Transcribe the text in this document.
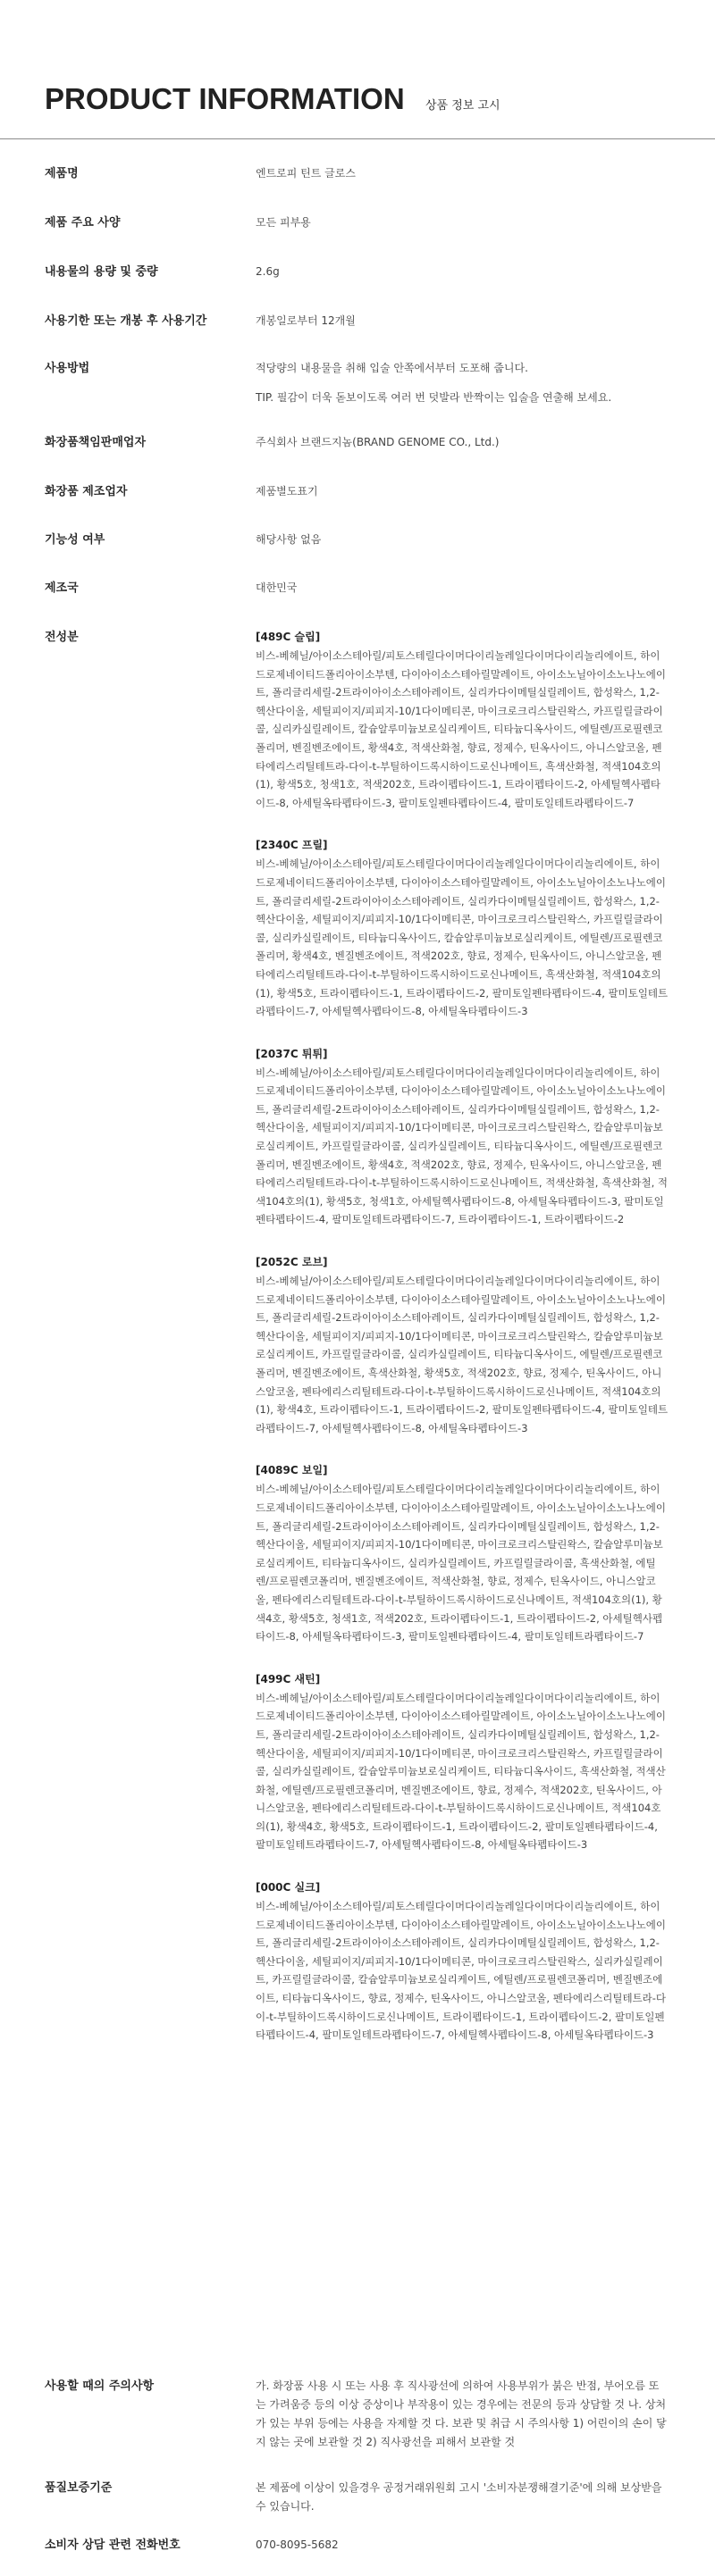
PRODUCT INFORMATION 상품 정보 고시
제품명	엔트로피 틴트 글로스
제품 주요 사양	모든 피부용
내용물의 용량 및 중량	2.6g
사용기한 또는 개봉 후 사용기간	개봉일로부터 12개월
사용방법	적당량의 내용물을 취해 입술 안쪽에서부터 도포해 줍니다.

TIP. 필감이 더욱 돋보이도록 여러 번 덧발라 반짝이는 입술을 연출해 보세요.

화장품책임판매업자	주식회사 브랜드지놈(BRAND GENOME CO., Ltd.)
화장품 제조업자	제품별도표기
기능성 여부	해당사항 없음
제조국	대한민국
전성분	[489C 슬립]
비스-베헤닐/아이소스테아릴/피토스테릴다이머다이리놀레일다이머다이리놀리에이트, 하이드로제네이티드폴리아이소부텐, 다이아이소스테아릴말레이트, 아이소노닐아이소노나노에이트, 폴리글리세릴-2트라이아이소스테아레이트, 실리카다이메틸실릴레이트, 합성왁스, 1,2-헥산다이올, 세틸피이지/피피지-10/1다이메티콘, 마이크로크리스탈린왁스, 카프릴릴글라이콜, 실리카실릴레이트, 칼슘알루미늄보로실리케이트, 티타늄디옥사이드, 에틸렌/프로필렌코폴리머, 벤질벤조에이트, 황색4호, 적색산화철, 향료, 정제수, 틴옥사이드, 아니스알코올, 펜타에리스리틸테트라-다이-t-부틸하이드록시하이드로신나메이트, 흑색산화철, 적색104호의(1), 황색5호, 청색1호, 적색202호, 트라이펩타이드-1, 트라이펩타이드-2, 아세틸헥사펩타이드-8, 아세틸옥타펩타이드-3, 팔미토일펜타펩타이드-4, 팔미토일테트라펩타이드-7
[2340C 프릴]
비스-베헤닐/아이소스테아릴/피토스테릴다이머다이리놀레일다이머다이리놀리에이트, 하이드로제네이티드폴리아이소부텐, 다이아이소스테아릴말레이트, 아이소노닐아이소노나노에이트, 폴리글리세릴-2트라이아이소스테아레이트, 실리카다이메틸실릴레이트, 합성왁스, 1,2-헥산다이올, 세틸피이지/피피지-10/1다이메티콘, 마이크로크리스탈린왁스, 카프릴릴글라이콜, 실리카실릴레이트, 티타늄디옥사이드, 칼슘알루미늄보로실리케이트, 에틸렌/프로필렌코폴리머, 황색4호, 벤질벤조에이트, 적색202호, 향료, 정제수, 틴옥사이드, 아니스알코올, 펜타에리스리틸테트라-다이-t-부틸하이드록시하이드로신나메이트, 흑색산화철, 적색104호의(1), 황색5호, 트라이펩타이드-1, 트라이펩타이드-2, 팔미토일펜타펩타이드-4, 팔미토일테트라펩타이드-7, 아세틸헥사펩타이드-8, 아세틸옥타펩타이드-3
[2037C 튀튀]
비스-베헤닐/아이소스테아릴/피토스테릴다이머다이리놀레일다이머다이리놀리에이트, 하이드로제네이티드폴리아이소부텐, 다이아이소스테아릴말레이트, 아이소노닐아이소노나노에이트, 폴리글리세릴-2트라이아이소스테아레이트, 실리카다이메틸실릴레이트, 합성왁스, 1,2-헥산다이올, 세틸피이지/피피지-10/1다이메티콘, 마이크로크리스탈린왁스, 칼슘알루미늄보로실리케이트, 카프릴릴글라이콜, 실리카실릴레이트, 티타늄디옥사이드, 에틸렌/프로필렌코폴리머, 벤질벤조에이트, 황색4호, 적색202호, 향료, 정제수, 틴옥사이드, 아니스알코올, 펜타에리스리틸테트라-다이-t-부틸하이드록시하이드로신나메이트, 적색산화철, 흑색산화철, 적색104호의(1), 황색5호, 청색1호, 아세틸헥사펩타이드-8, 아세틸옥타펩타이드-3, 팔미토일펜타펩타이드-4, 팔미토일테트라펩타이드-7, 트라이펩타이드-1, 트라이펩타이드-2
[2052C 로브]
비스-베헤닐/아이소스테아릴/피토스테릴다이머다이리놀레일다이머다이리놀리에이트, 하이드로제네이티드폴리아이소부텐, 다이아이소스테아릴말레이트, 아이소노닐아이소노나노에이트, 폴리글리세릴-2트라이아이소스테아레이트, 실리카다이메틸실릴레이트, 합성왁스, 1,2-헥산다이올, 세틸피이지/피피지-10/1다이메티콘, 마이크로크리스탈린왁스, 칼슘알루미늄보로실리케이트, 카프릴릴글라이콜, 실리카실릴레이트, 티타늄디옥사이드, 에틸렌/프로필렌코폴리머, 벤질벤조에이트, 흑색산화철, 황색5호, 적색202호, 향료, 정제수, 틴옥사이드, 아니스알코올, 펜타에리스리틸테트라-다이-t-부틸하이드록시하이드로신나메이트, 적색104호의(1), 황색4호, 트라이펩타이드-1, 트라이펩타이드-2, 팔미토일펜타펩타이드-4, 팔미토일테트라펩타이드-7, 아세틸헥사펩타이드-8, 아세틸옥타펩타이드-3
[4089C 보일]
비스-베헤닐/아이소스테아릴/피토스테릴다이머다이리놀레일다이머다이리놀리에이트, 하이드로제네이티드폴리아이소부텐, 다이아이소스테아릴말레이트, 아이소노닐아이소노나노에이트, 폴리글리세릴-2트라이아이소스테아레이트, 실리카다이메틸실릴레이트, 합성왁스, 1,2-헥산다이올, 세틸피이지/피피지-10/1다이메티콘, 마이크로크리스탈린왁스, 칼슘알루미늄보로실리케이트, 티타늄디옥사이드, 실리카실릴레이트, 카프릴릴글라이콜, 흑색산화철, 에틸렌/프로필렌코폴리머, 벤질벤조에이트, 적색산화철, 향료, 정제수, 틴옥사이드, 아니스알코올, 펜타에리스리틸테트라-다이-t-부틸하이드록시하이드로신나메이트, 적색104호의(1), 황색4호, 황색5호, 청색1호, 적색202호, 트라이펩타이드-1, 트라이펩타이드-2, 아세틸헥사펩타이드-8, 아세틸옥타펩타이드-3, 팔미토일펜타펩타이드-4, 팔미토일테트라펩타이드-7
[499C 새틴]
비스-베헤닐/아이소스테아릴/피토스테릴다이머다이리놀레일다이머다이리놀리에이트, 하이드로제네이티드폴리아이소부텐, 다이아이소스테아릴말레이트, 아이소노닐아이소노나노에이트, 폴리글리세릴-2트라이아이소스테아레이트, 실리카다이메틸실릴레이트, 합성왁스, 1,2-헥산다이올, 세틸피이지/피피지-10/1다이메티콘, 마이크로크리스탈린왁스, 카프릴릴글라이콜, 실리카실릴레이트, 칼슘알루미늄보로실리케이트, 티타늄디옥사이드, 흑색산화철, 적색산화철, 에틸렌/프로필렌코폴리머, 벤질벤조에이트, 향료, 정제수, 적색202호, 틴옥사이드, 아니스알코올, 펜타에리스리틸테트라-다이-t-부틸하이드록시하이드로신나메이트, 적색104호의(1), 황색4호, 황색5호, 트라이펩타이드-1, 트라이펩타이드-2, 팔미토일펜타펩타이드-4, 팔미토일테트라펩타이드-7, 아세틸헥사펩타이드-8, 아세틸옥타펩타이드-3
[000C 실크]
비스-베헤닐/아이소스테아릴/피토스테릴다이머다이리놀레일다이머다이리놀리에이트, 하이드로제네이티드폴리아이소부텐, 다이아이소스테아릴말레이트, 아이소노닐아이소노나노에이트, 폴리글리세릴-2트라이아이소스테아레이트, 실리카다이메틸실릴레이트, 합성왁스, 1,2-헥산다이올, 세틸피이지/피피지-10/1다이메티콘, 마이크로크리스탈린왁스, 실리카실릴레이트, 카프릴릴글라이콜, 칼슘알루미늄보로실리케이트, 에틸렌/프로필렌코폴리머, 벤질벤조에이트, 티타늄디옥사이드, 향료, 정제수, 틴옥사이드, 아니스알코올, 펜타에리스리틸테트라-다이-t-부틸하이드록시하이드로신나메이트, 트라이펩타이드-1, 트라이펩타이드-2, 팔미토일펜타펩타이드-4, 팔미토일테트라펩타이드-7, 아세틸헥사펩타이드-8, 아세틸옥타펩타이드-3
사용할 때의 주의사항	가. 화장품 사용 시 또는 사용 후 직사광선에 의하여 사용부위가 붉은 반점, 부어오름 또는 가려움증 등의 이상 증상이나 부작용이 있는 경우에는 전문의 등과 상담할 것 나. 상처가 있는 부위 등에는 사용을 자제할 것 다. 보관 및 취급 시 주의사항 1) 어린이의 손이 닿지 않는 곳에 보관할 것 2) 직사광선을 피해서 보관할 것
품질보증기준	본 제품에 이상이 있을경우 공정거래위원회 고시 '소비자분쟁해결기준'에 의해 보상받을 수 있습니다.
소비자 상담 관련 전화번호	070-8095-5682
